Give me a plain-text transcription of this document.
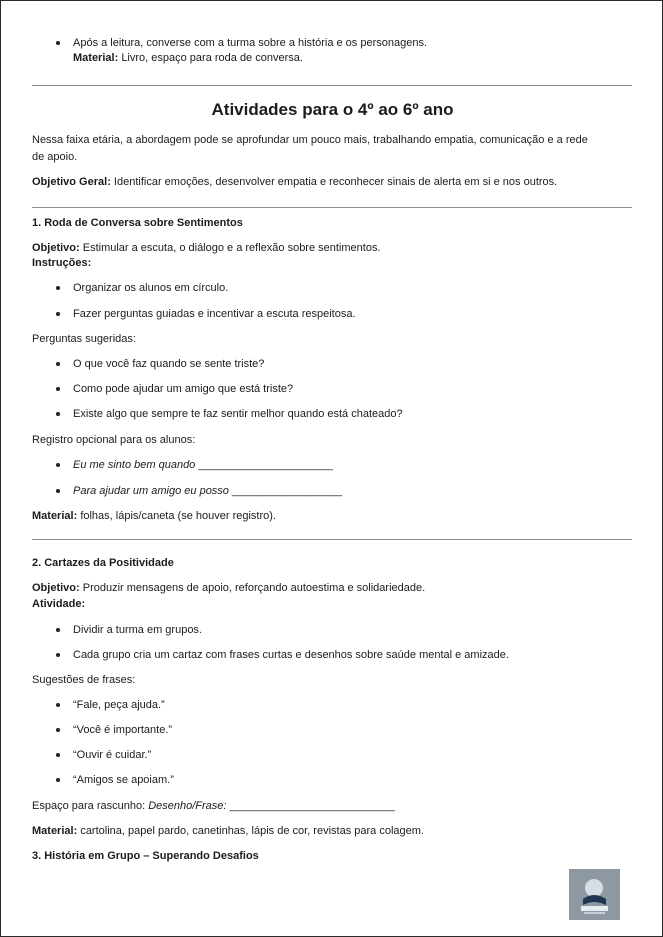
Após a leitura, converse com a turma sobre a história e os personagens.
Material: Livro, espaço para roda de conversa.
Atividades para o 4º ao 6º ano
Nessa faixa etária, a abordagem pode se aprofundar um pouco mais, trabalhando empatia, comunicação e a rede
de apoio.
Objetivo Geral: Identificar emoções, desenvolver empatia e reconhecer sinais de alerta em si e nos outros.
1. Roda de Conversa sobre Sentimentos
Objetivo: Estimular a escuta, o diálogo e a reflexão sobre sentimentos.
Instruções:
Organizar os alunos em círculo.
Fazer perguntas guiadas e incentivar a escuta respeitosa.
Perguntas sugeridas:
O que você faz quando se sente triste?
Como pode ajudar um amigo que está triste?
Existe algo que sempre te faz sentir melhor quando está chateado?
Registro opcional para os alunos:
Eu me sinto bem quando ______________________
Para ajudar um amigo eu posso __________________
Material: folhas, lápis/caneta (se houver registro).
2. Cartazes da Positividade
Objetivo: Produzir mensagens de apoio, reforçando autoestima e solidariedade.
Atividade:
Dividir a turma em grupos.
Cada grupo cria um cartaz com frases curtas e desenhos sobre saúde mental e amizade.
Sugestões de frases:
“Fale, peça ajuda.”
“Você é importante.”
“Ouvir é cuidar.”
“Amigos se apoiam.”
Espaço para rascunho: Desenho/Frase: ___________________________
Material: cartolina, papel pardo, canetinhas, lápis de cor, revistas para colagem.
3. História em Grupo – Superando Desafios
